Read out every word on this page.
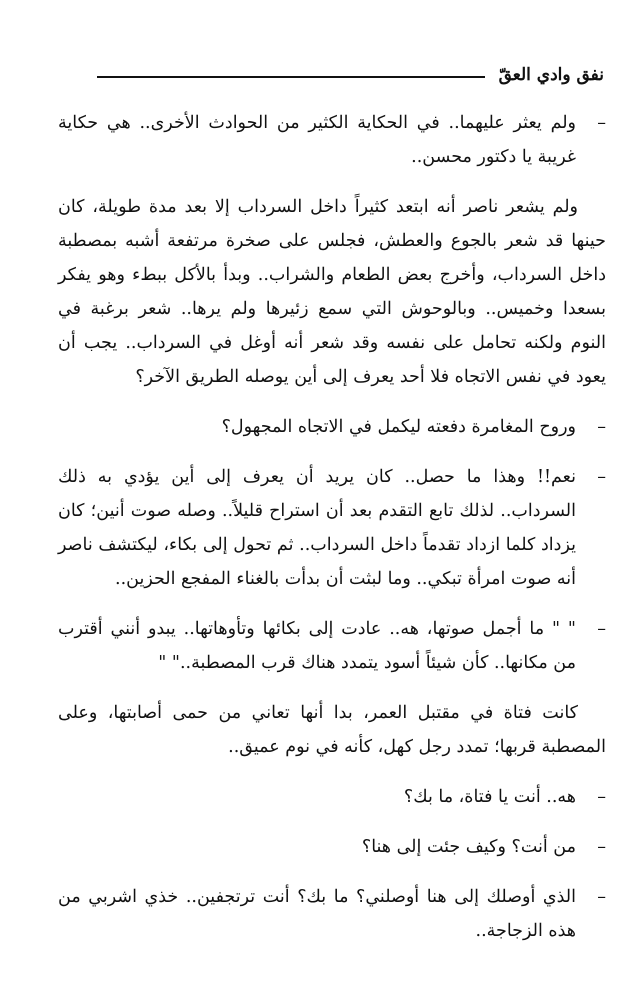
نفق وادي العقّ

– ولم يعثر عليهما.. في الحكاية الكثير من الحوادث الأخرى.. هي حكاية غريبة يا دكتور محسن..

ولم يشعر ناصر أنه ابتعد كثيراً داخل السرداب إلا بعد مدة طويلة، كان حينها قد شعر بالجوع والعطش، فجلس على صخرة مرتفعة أشبه بمصطبة داخل السرداب، وأخرج بعض الطعام والشراب.. وبدأ بالأكل ببطء وهو يفكر بسعدا وخميس.. وبالوحوش التي سمع زئيرها ولم يرها.. شعر برغبة في النوم ولكنه تحامل على نفسه وقد شعر أنه أوغل في السرداب.. يجب أن يعود في نفس الاتجاه فلا أحد يعرف إلى أين يوصله الطريق الآخر؟

– وروح المغامرة دفعته ليكمل في الاتجاه المجهول؟

– نعم!! وهذا ما حصل.. كان يريد أن يعرف إلى أين يؤدي به ذلك السرداب.. لذلك تابع التقدم بعد أن استراح قليلاً.. وصله صوت أنين؛ كان يزداد كلما ازداد تقدماً داخل السرداب.. ثم تحول إلى بكاء، ليكتشف ناصر أنه صوت امرأة تبكي.. وما لبثت أن بدأت بالغناء المفجع الحزين..

– " " ما أجمل صوتها، هه.. عادت إلى بكائها وتأوهاتها.. يبدو أنني أقترب من مكانها.. كأن شيئاً أسود يتمدد هناك قرب المصطبة.." "

كانت فتاة في مقتبل العمر، بدا أنها تعاني من حمى أصابتها، وعلى المصطبة قربها؛ تمدد رجل كهل، كأنه في نوم عميق..

– هه.. أنت يا فتاة، ما بك؟

– من أنت؟ وكيف جئت إلى هنا؟

– الذي أوصلك إلى هنا أوصلني؟ ما بك؟ أنت ترتجفين.. خذي اشربي من هذه الزجاجة..
